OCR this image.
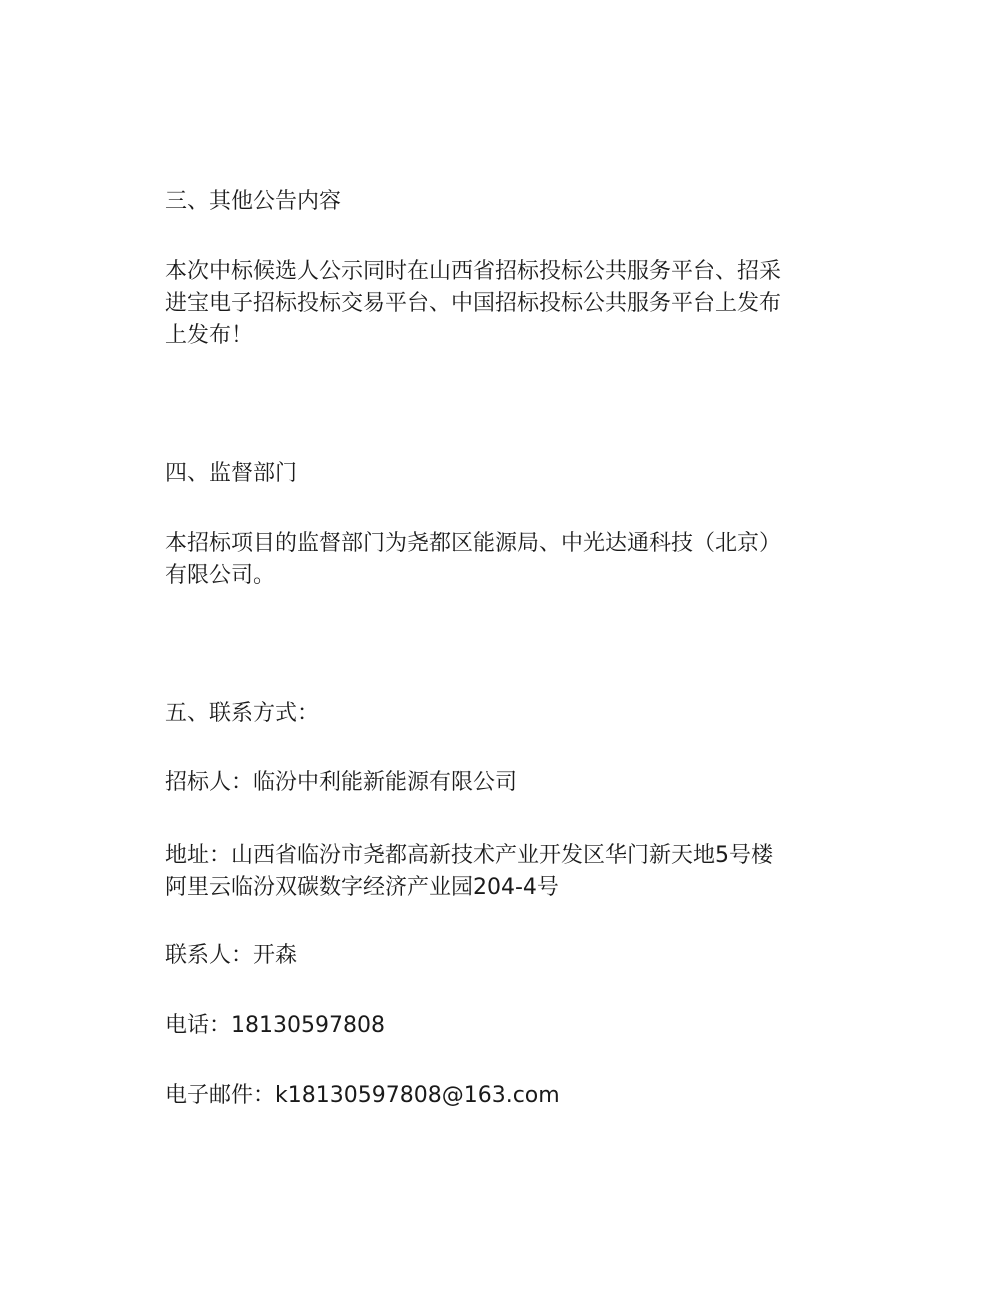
三、其他公告内容

本次中标候选人公示同时在山西省招标投标公共服务平台、招采

进宝电子招标投标交易平台、中国招标投标公共服务平台上发布

上发布！

四、监督部门

本招标项目的监督部门为尧都区能源局、中光达通科技（北京）

有限公司。

五、联系方式：

招标人：临汾中利能新能源有限公司

地址：山西省临汾市尧都高新技术产业开发区华门新天地5号楼

阿里云临汾双碳数字经济产业园204-4号

联系人：开森

电话：18130597808

电子邮件：k18130597808@163.com
